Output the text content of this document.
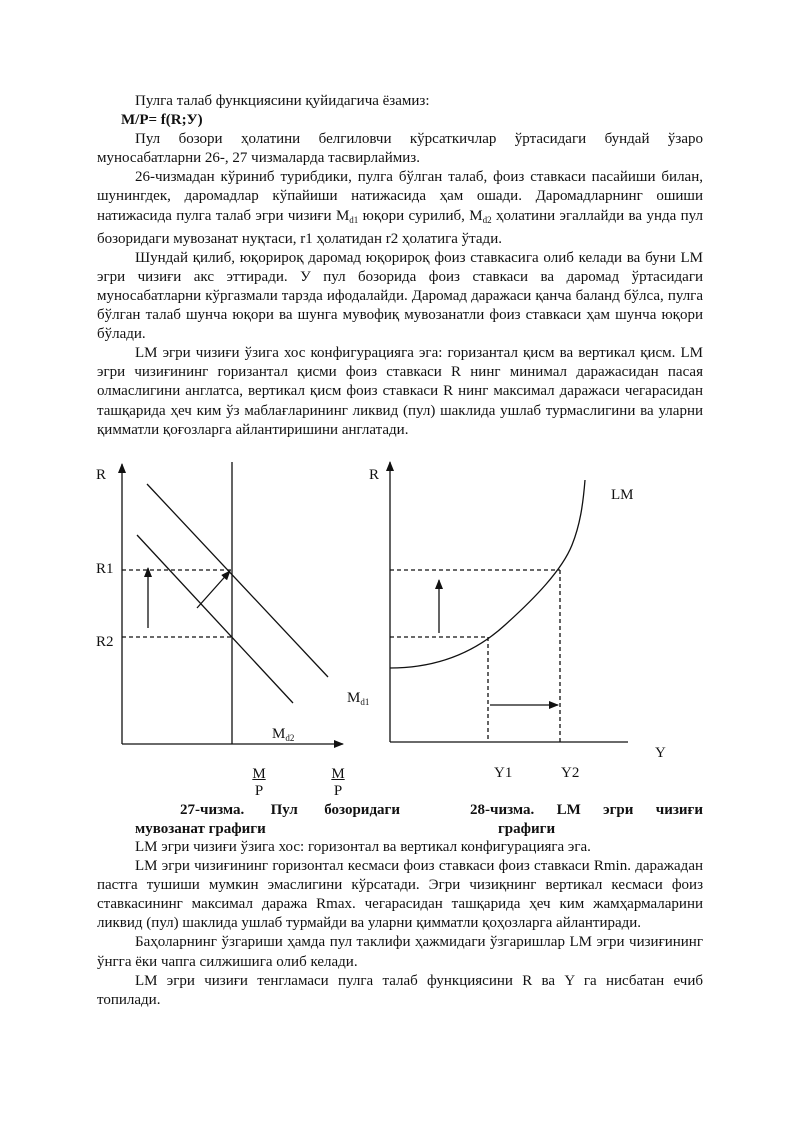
Пулга талаб функциясини қуйидагича ёзамиз:

M/P= f(R;У)

Пул бозори ҳолатини белгиловчи кўрсаткичлар ўртасидаги бундай ўзаро муносабатларни 26-, 27 чизмаларда тасвирлаймиз.

26-чизмадан кўриниб турибдики, пулга бўлган талаб, фоиз ставкаси пасайиши билан, шунингдек, даромадлар кўпайиши натижасида ҳам ошади. Даромадларнинг ошиши натижасида пулга талаб эгри чизиғи $M_{d1}$ юқори сурилиб, $M_{d2}$ ҳолатини эгаллайди ва унда пул бозоридаги мувозанат нуқтаси, r1 ҳолатидан r2 ҳолатига ўтади.

Шундай қилиб, юқорироқ даромад юқорироқ фоиз ставкасига олиб келади ва буни LM эгри чизиғи акс эттиради. У пул бозорида фоиз ставкаси ва даромад ўртасидаги муносабатларни кўргазмали тарзда ифодалайди. Даромад даражаси қанча баланд бўлса, пулга бўлган талаб шунча юқори ва шунга мувофиқ мувозанатли фоиз ставкаси ҳам шунча юқори бўлади.

LM эгри чизиғи ўзига хос конфигурацияга эга: горизантал қисм ва вертикал қисм. LM эгри чизиғининг горизантал қисми фоиз ставкаси R нинг минимал даражасидан пасая олмаслигини англатса, вертикал қисм фоиз ставкаси R нинг максимал даражаси чегарасидан ташқарида ҳеч ким ўз маблағларининг ликвид (пул) шаклида ушлаб турмаслигини ва уларни қимматли қоғозларга айлантиришини англатади.

R
R1
R2
$M_{d1}$
$M_{d2}$
$\frac{M}{P}$	$\frac{M}{P}$
R
LM
Y
Y1	Y2
27-чизма. Пул бозоридаги
мувозанат графиги
28-чизма. LM эгри чизиғи
графиги

LM эгри чизиғи ўзига хос: горизонтал ва вертикал конфигурацияга эга.

LM эгри чизиғининг горизонтал кесмаси фоиз ставкаси фоиз ставкаси Rmin. даражадан пастга тушиши мумкин эмаслигини кўрсатади. Эгри чизиқнинг вертикал кесмаси фоиз ставкасининг максимал даража Rmax. чегарасидан ташқарида ҳеч ким жамҳармаларини ликвид (пул) шаклида ушлаб турмайди ва уларни қимматли қоҳозларга айлантиради.

Баҳоларнинг ўзгариши ҳамда пул таклифи ҳажмидаги ўзгаришлар LM эгри чизиғининг ўнгга ёки чапга силжишига олиб келади.

LM эгри чизиғи тенгламаси пулга талаб функциясини R ва Y га нисбатан ечиб топилади.
